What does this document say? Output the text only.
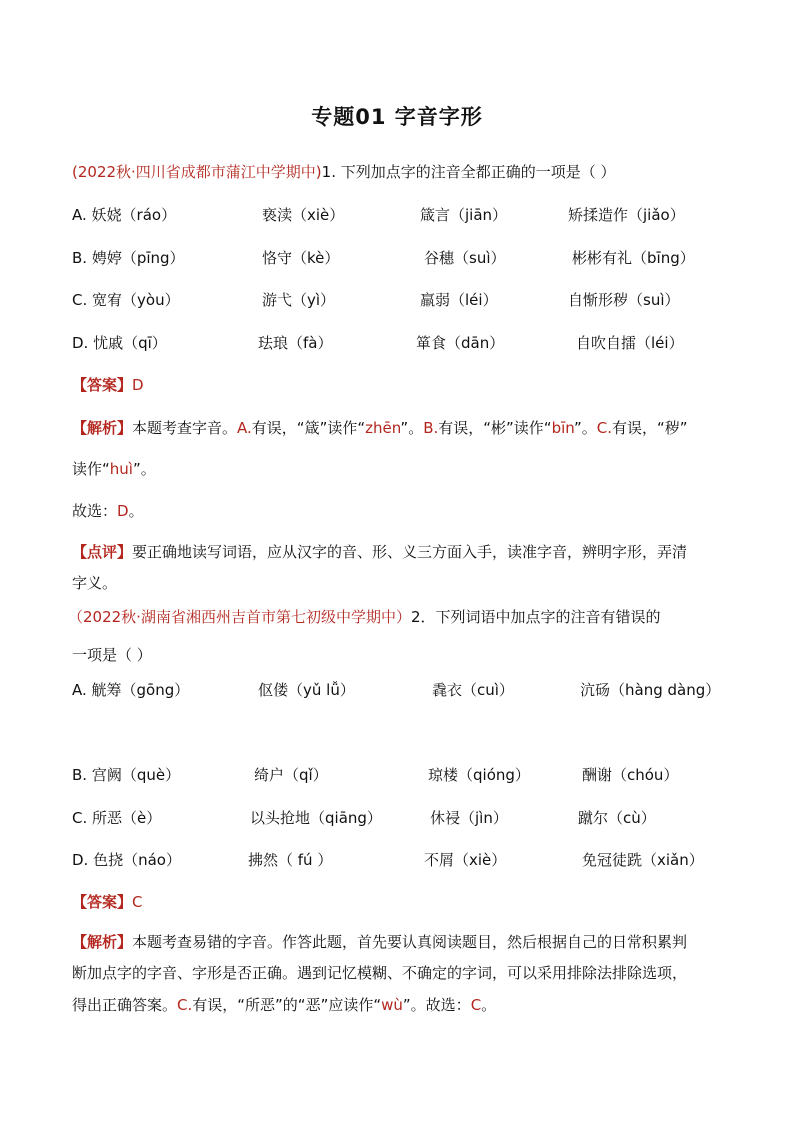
专题01 字音字形
(2022秋·四川省成都市蒲江中学期中)1. 下列加点字的注音全都正确的一项是（ ）
A. 妖娆（ráo）	亵渎（xiè）	箴言（jiān）	矫揉造作（jiǎo）
B. 娉婷（pīng）	恪守（kè）	谷穗（suì）	彬彬有礼（bīng）
C. 宽宥（yòu）	游弋（yì）	羸弱（léi）	自惭形秽（suì）
D. 忧戚（qī）	珐琅（fà）	箪食（dān）	自吹自擂（léi）
【答案】D
【解析】本题考查字音。A.有误，“箴”读作“zhēn”。B.有误，“彬”读作“bīn”。C.有误，“秽”
读作“huì”。
故选：D。
【点评】要正确地读写词语，应从汉字的音、形、义三方面入手，读准字音，辨明字形，弄清
字义。
（2022秋·湖南省湘西州吉首市第七初级中学期中）2．下列词语中加点字的注音有错误的
一项是（ ）
A. 觥筹（gōng）	伛偻（yǔ lǚ）	毳衣（cuì）	沆砀（hàng dàng）
B. 宫阙（què）	绮户（qǐ）	琼楼（qióng）	酬谢（chóu）
C. 所恶（è）	以头抢地（qiāng）	休祲（jìn）	蹴尔（cù）
D. 色挠（náo）	拂然（ fú ）	不屑（xiè）	免冠徒跣（xiǎn）
【答案】C
【解析】本题考查易错的字音。作答此题，首先要认真阅读题目，然后根据自己的日常积累判
断加点字的字音、字形是否正确。遇到记忆模糊、不确定的字词，可以采用排除法排除选项，
得出正确答案。C.有误，“所恶”的“恶”应读作“wù”。故选：C。
